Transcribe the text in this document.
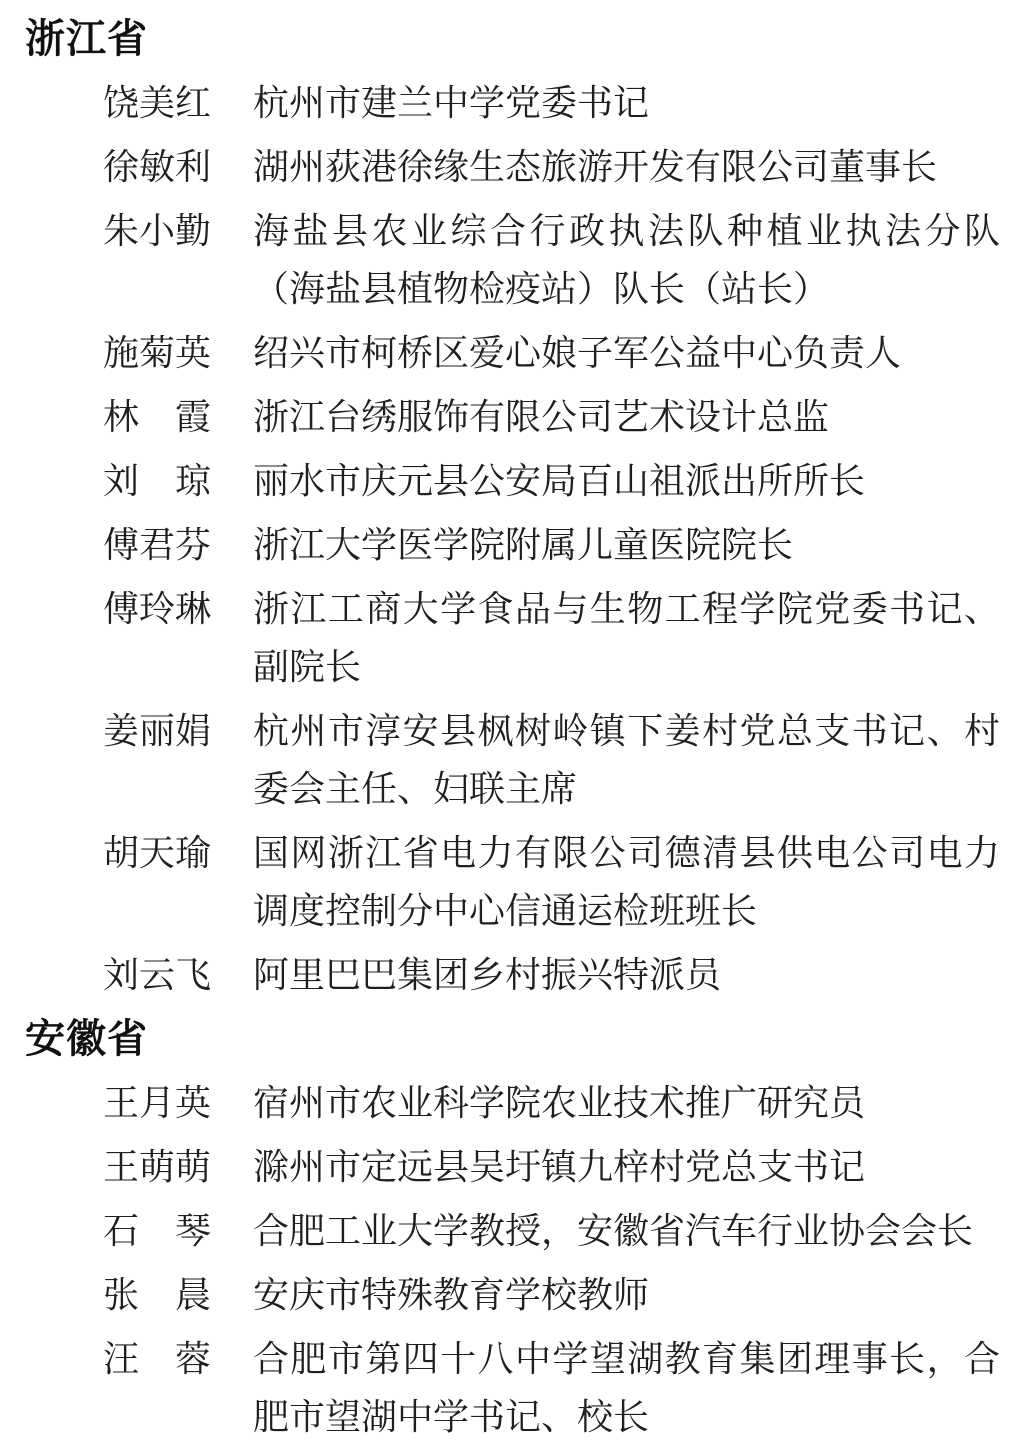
浙江省
饶美红 杭州市建兰中学党委书记
徐敏利 湖州荻港徐缘生态旅游开发有限公司董事长
朱小勤 海盐县农业综合行政执法队种植业执法分队（海盐县植物检疫站）队长（站长）
施菊英 绍兴市柯桥区爱心娘子军公益中心负责人
林　霞 浙江台绣服饰有限公司艺术设计总监
刘　琼 丽水市庆元县公安局百山祖派出所所长
傅君芬 浙江大学医学院附属儿童医院院长
傅玲琳 浙江工商大学食品与生物工程学院党委书记、副院长
姜丽娟 杭州市淳安县枫树岭镇下姜村党总支书记、村委会主任、妇联主席
胡天瑜 国网浙江省电力有限公司德清县供电公司电力调度控制分中心信通运检班班长
刘云飞 阿里巴巴集团乡村振兴特派员
安徽省
王月英 宿州市农业科学院农业技术推广研究员
王萌萌 滁州市定远县吴圩镇九梓村党总支书记
石　琴 合肥工业大学教授，安徽省汽车行业协会会长
张　晨 安庆市特殊教育学校教师
汪　蓉 合肥市第四十八中学望湖教育集团理事长，合肥市望湖中学书记、校长
